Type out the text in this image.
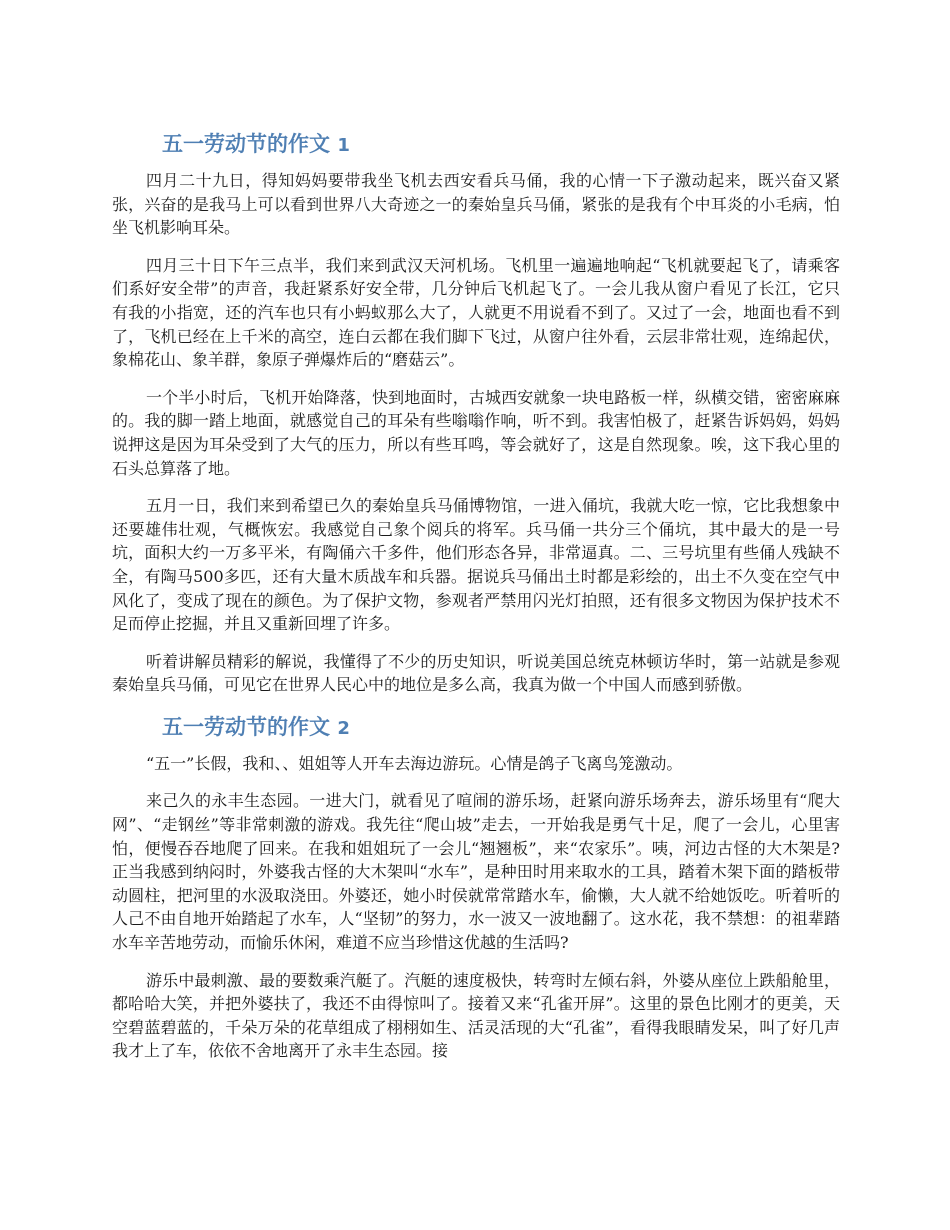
五一劳动节的作文 1

四月二十九日，得知妈妈要带我坐飞机去西安看兵马俑，我的心情一下子激动起来，既兴奋又紧张，兴奋的是我马上可以看到世界八大奇迹之一的秦始皇兵马俑，紧张的是我有个中耳炎的小毛病，怕坐飞机影响耳朵。

四月三十日下午三点半，我们来到武汉天河机场。飞机里一遍遍地响起“飞机就要起飞了，请乘客们系好安全带”的声音，我赶紧系好安全带，几分钟后飞机起飞了。一会儿我从窗户看见了长江，它只有我的小指宽，还的汽车也只有小蚂蚁那么大了，人就更不用说看不到了。又过了一会，地面也看不到了，飞机已经在上千米的高空，连白云都在我们脚下飞过，从窗户往外看，云层非常壮观，连绵起伏，象棉花山、象羊群，象原子弹爆炸后的“磨菇云”。

一个半小时后，飞机开始降落，快到地面时，古城西安就象一块电路板一样，纵横交错，密密麻麻的。我的脚一踏上地面，就感觉自己的耳朵有些嗡嗡作响，听不到。我害怕极了，赶紧告诉妈妈，妈妈说押这是因为耳朵受到了大气的压力，所以有些耳鸣，等会就好了，这是自然现象。唉，这下我心里的石头总算落了地。

五月一日，我们来到希望已久的秦始皇兵马俑博物馆，一进入俑坑，我就大吃一惊，它比我想象中还要雄伟壮观，气概恢宏。我感觉自己象个阅兵的将军。兵马俑一共分三个俑坑，其中最大的是一号坑，面积大约一万多平米，有陶俑六千多件，他们形态各异，非常逼真。二、三号坑里有些俑人残缺不全，有陶马500多匹，还有大量木质战车和兵器。据说兵马俑出土时都是彩绘的，出土不久变在空气中风化了，变成了现在的颜色。为了保护文物，参观者严禁用闪光灯拍照，还有很多文物因为保护技术不足而停止挖掘，并且又重新回埋了许多。

听着讲解员精彩的解说，我懂得了不少的历史知识，听说美国总统克林顿访华时，第一站就是参观秦始皇兵马俑，可见它在世界人民心中的地位是多么高，我真为做一个中国人而感到骄傲。

五一劳动节的作文 2

“五一”长假，我和、、姐姐等人开车去海边游玩。心情是鸽子飞离鸟笼激动。

来己久的永丰生态园。一进大门，就看见了喧闹的游乐场，赶紧向游乐场奔去，游乐场里有“爬大网”、“走钢丝”等非常刺激的游戏。我先往“爬山坡”走去，一开始我是勇气十足，爬了一会儿，心里害怕，便慢吞吞地爬了回来。在我和姐姐玩了一会儿“翘翘板”，来“农家乐”。咦，河边古怪的大木架是?正当我感到纳闷时，外婆我古怪的大木架叫“水车”，是种田时用来取水的工具，踏着木架下面的踏板带动圆柱，把河里的水汲取浇田。外婆还，她小时侯就常常踏水车，偷懒，大人就不给她饭吃。听着听的人己不由自地开始踏起了水车，人“坚韧”的努力，水一波又一波地翻了。这水花，我不禁想：的祖辈踏水车辛苦地劳动，而愉乐休闲，难道不应当珍惜这优越的生活吗?

游乐中最刺激、最的要数乘汽艇了。汽艇的速度极快，转弯时左倾右斜，外婆从座位上跌船舱里，都哈哈大笑，并把外婆扶了，我还不由得惊叫了。接着又来“孔雀开屏”。这里的景色比刚才的更美，天空碧蓝碧蓝的，千朵万朵的花草组成了栩栩如生、活灵活现的大“孔雀”，看得我眼睛发呆，叫了好几声我才上了车，依依不舍地离开了永丰生态园。接
